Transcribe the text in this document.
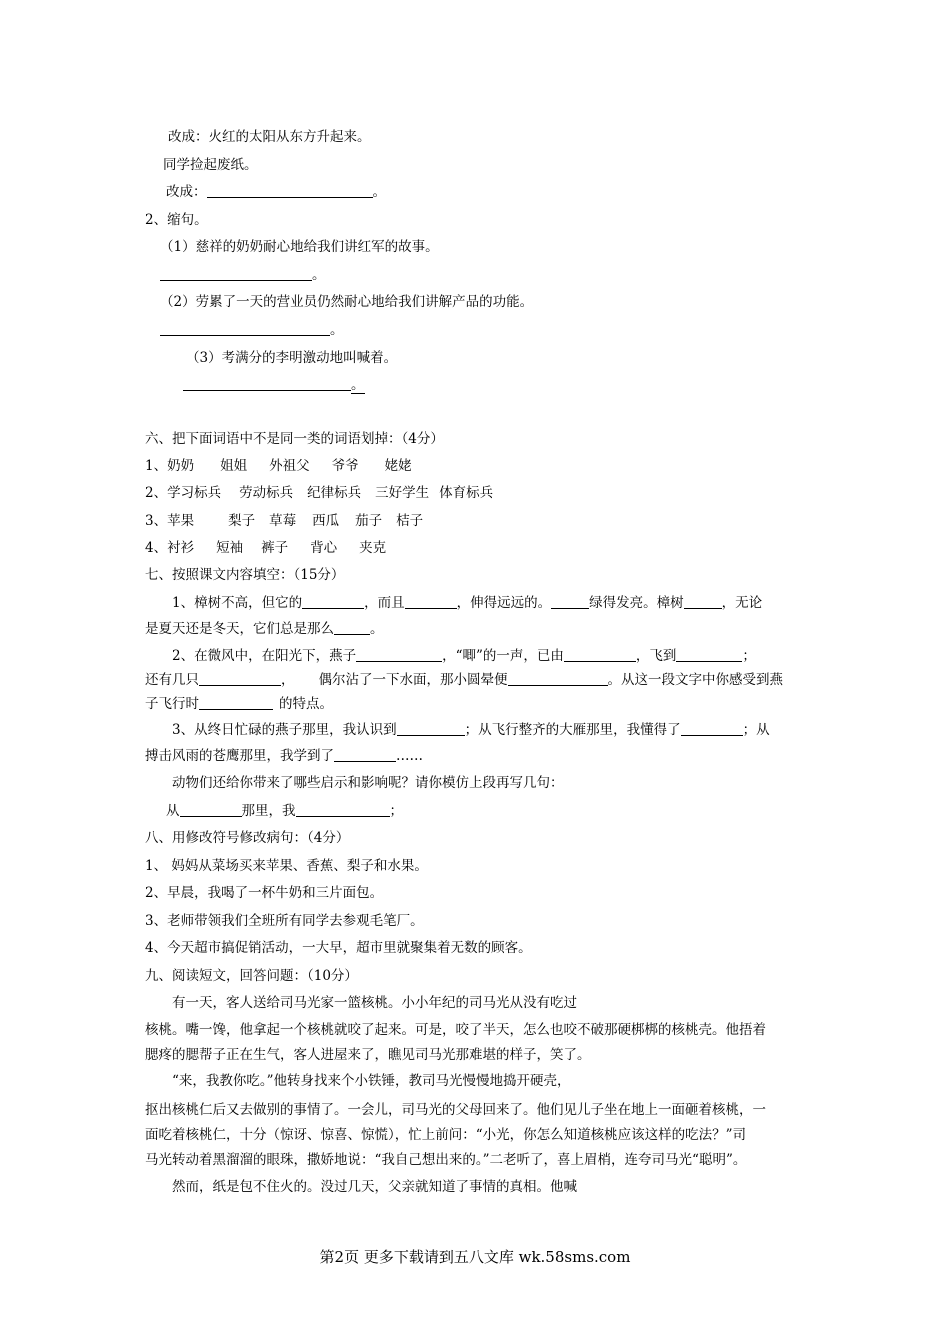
改成：火红的太阳从东方升起来。
同学捡起废纸。
改成：	。
2、缩句。
（1）慈祥的奶奶耐心地给我们讲红军的故事。
。
（2）劳累了一天的营业员仍然耐心地给我们讲解产品的功能。
。
（3）考满分的李明激动地叫喊着。
。
六、把下面词语中不是同一类的词语划掉：（4分）
1、奶奶 姐姐 外祖父 爷爷 姥姥
2、学习标兵 劳动标兵 纪律标兵 三好学生 体育标兵
3、苹果	梨子 草莓 西瓜 茄子 桔子
4、衬衫 短袖 裤子 背心 夹克
七、按照课文内容填空：（15分）
1、樟树不高，但它的	，而且	，伸得远远的。	绿得发亮。樟树	，无论
是夏天还是冬天，它们总是那么	。
2、在微风中，在阳光下，燕子	，“唧”的一声，已由	，飞到	；
还有几只	， 偶尔沾了一下水面，那小圆晕便	。从这一段文字中你感受到燕
子飞行时	的特点。
3、从终日忙碌的燕子那里，我认识到	；从飞行整齐的大雁那里，我懂得了	；从
搏击风雨的苍鹰那里，我学到了	……
动物们还给你带来了哪些启示和影响呢？请你模仿上段再写几句：
从	那里，我	；
八、用修改符号修改病句：（4分）
1、 妈妈从菜场买来苹果、香蕉、梨子和水果。
2、早晨，我喝了一杯牛奶和三片面包。
3、老师带领我们全班所有同学去参观毛笔厂。
4、今天超市搞促销活动，一大早，超市里就聚集着无数的顾客。
九、阅读短文，回答问题：（10分）
有一天，客人送给司马光家一篮核桃。小小年纪的司马光从没有吃过
核桃。嘴一馋，他拿起一个核桃就咬了起来。可是，咬了半天，怎么也咬不破那硬梆梆的核桃壳。他捂着
腮疼的腮帮子正在生气，客人进屋来了，瞧见司马光那难堪的样子，笑了。
“来，我教你吃。”他转身找来个小铁锤，教司马光慢慢地捣开硬壳，
抠出核桃仁后又去做别的事情了。一会儿，司马光的父母回来了。他们见儿子坐在地上一面砸着核桃，一
面吃着核桃仁，十分（惊讶、惊喜、惊慌），忙上前问：“小光，你怎么知道核桃应该这样的吃法？”司
马光转动着黑溜溜的眼珠，撒娇地说：“我自己想出来的。”二老听了，喜上眉梢，连夸司马光“聪明”。
然而，纸是包不住火的。没过几天，父亲就知道了事情的真相。他喊
第2页 更多下载请到五八文库 wk.58sms.com
